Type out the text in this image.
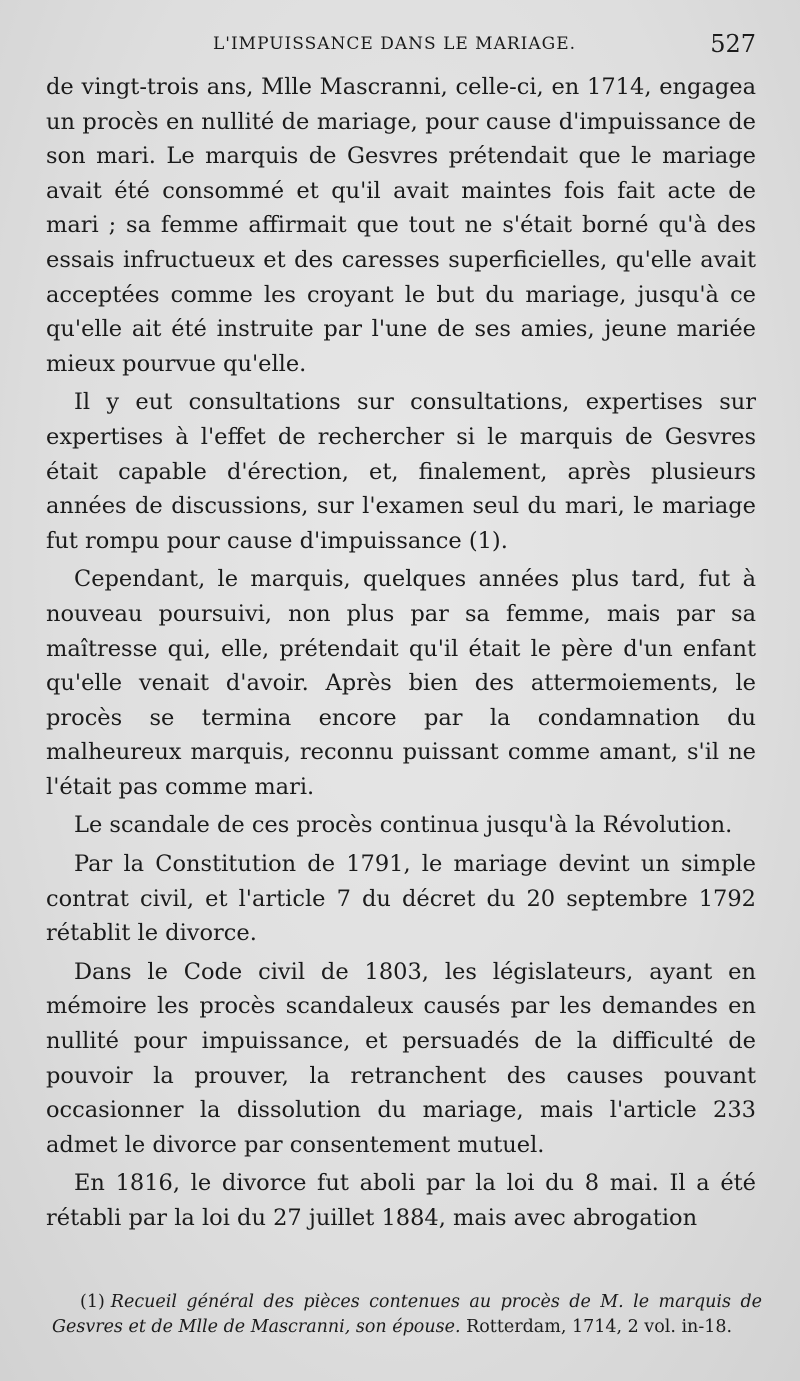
L'IMPUISSANCE DANS LE MARIAGE.	527

de vingt-trois ans, Mlle Mascranni, celle-ci, en 1714, engagea un procès en nullité de mariage, pour cause d'impuissance de son mari. Le marquis de Gesvres prétendait que le mariage avait été consommé et qu'il avait maintes fois fait acte de mari ; sa femme affirmait que tout ne s'était borné qu'à des essais infructueux et des caresses superficielles, qu'elle avait acceptées comme les croyant le but du mariage, jusqu'à ce qu'elle ait été instruite par l'une de ses amies, jeune mariée mieux pourvue qu'elle.

Il y eut consultations sur consultations, expertises sur expertises à l'effet de rechercher si le marquis de Gesvres était capable d'érection, et, finalement, après plusieurs années de discussions, sur l'examen seul du mari, le mariage fut rompu pour cause d'impuissance (1).

Cependant, le marquis, quelques années plus tard, fut à nouveau poursuivi, non plus par sa femme, mais par sa maîtresse qui, elle, prétendait qu'il était le père d'un enfant qu'elle venait d'avoir. Après bien des attermoiements, le procès se termina encore par la condamnation du malheureux marquis, reconnu puissant comme amant, s'il ne l'était pas comme mari.

Le scandale de ces procès continua jusqu'à la Révolution.

Par la Constitution de 1791, le mariage devint un simple contrat civil, et l'article 7 du décret du 20 septembre 1792 rétablit le divorce.

Dans le Code civil de 1803, les législateurs, ayant en mémoire les procès scandaleux causés par les demandes en nullité pour impuissance, et persuadés de la difficulté de pouvoir la prouver, la retranchent des causes pouvant occasionner la dissolution du mariage, mais l'article 233 admet le divorce par consentement mutuel.

En 1816, le divorce fut aboli par la loi du 8 mai. Il a été rétabli par la loi du 27 juillet 1884, mais avec abrogation

(1) Recueil général des pièces contenues au procès de M. le marquis de Gesvres et de Mlle de Mascranni, son épouse. Rotterdam, 1714, 2 vol. in-18.
